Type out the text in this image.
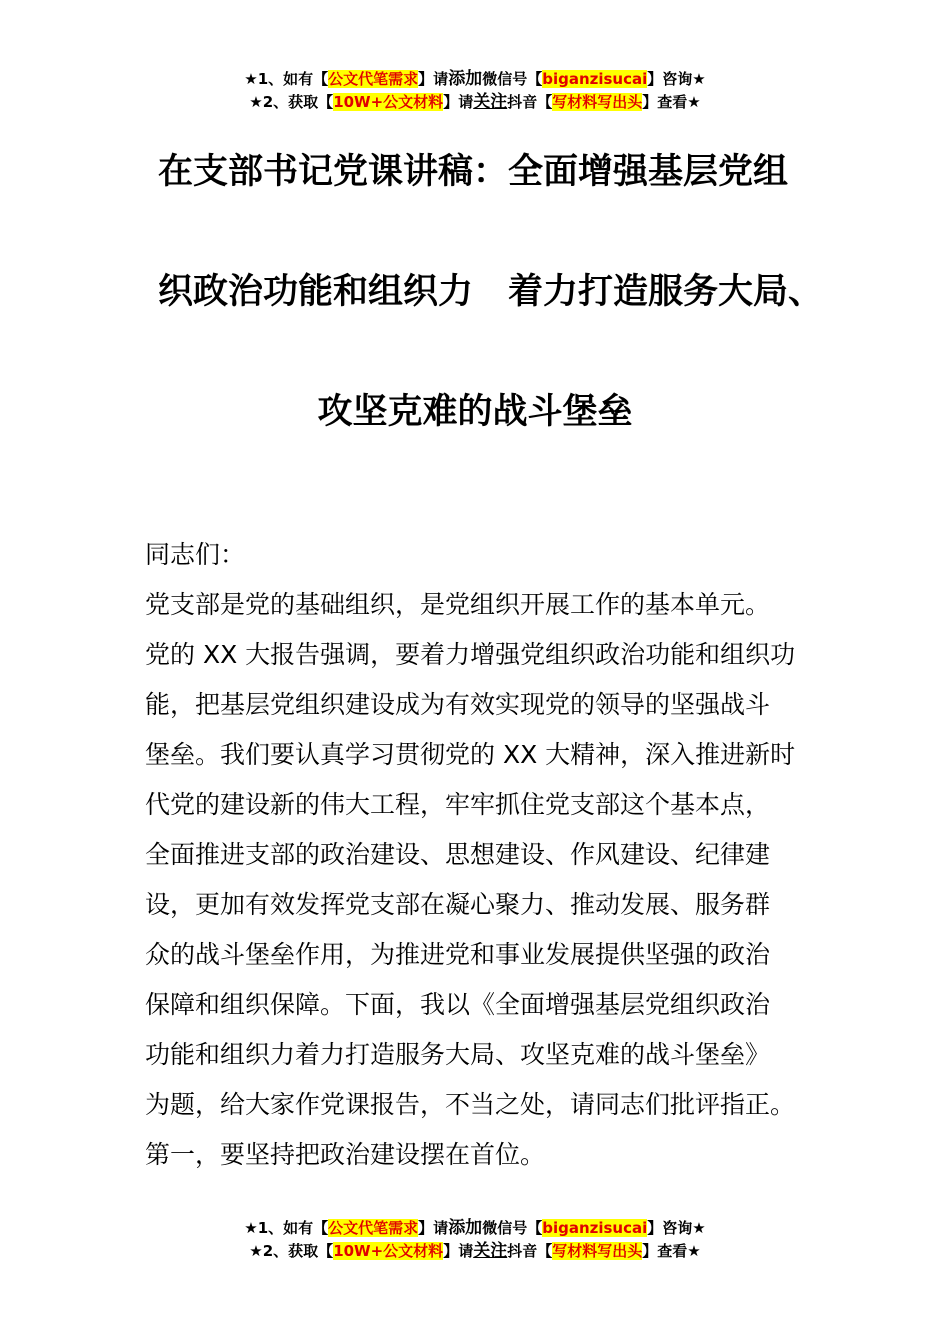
★1、如有【公文代笔需求】请添加微信号【biganzisucai】咨询★
★2、获取【10W+公文材料】请关注抖音【写材料写出头】查看★
在支部书记党课讲稿：全面增强基层党组
织政治功能和组织力　着力打造服务大局、
攻坚克难的战斗堡垒

同志们：

党支部是党的基础组织，是党组织开展工作的基本单元。

党的 XX 大报告强调，要着力增强党组织政治功能和组织功

能，把基层党组织建设成为有效实现党的领导的坚强战斗

堡垒。我们要认真学习贯彻党的 XX 大精神，深入推进新时

代党的建设新的伟大工程，牢牢抓住党支部这个基本点，

全面推进支部的政治建设、思想建设、作风建设、纪律建

设，更加有效发挥党支部在凝心聚力、推动发展、服务群

众的战斗堡垒作用，为推进党和事业发展提供坚强的政治

保障和组织保障。下面，我以《全面增强基层党组织政治

功能和组织力着力打造服务大局、攻坚克难的战斗堡垒》

为题，给大家作党课报告，不当之处，请同志们批评指正。

第一，要坚持把政治建设摆在首位。

★1、如有【公文代笔需求】请添加微信号【biganzisucai】咨询★
★2、获取【10W+公文材料】请关注抖音【写材料写出头】查看★
